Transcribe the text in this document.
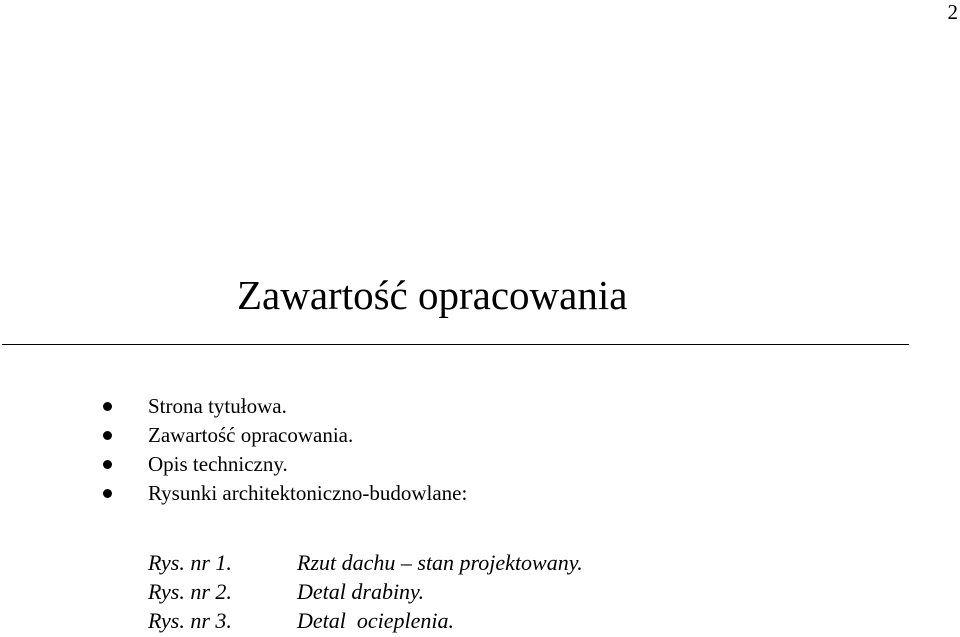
2
Zawartość opracowania
Strona tytułowa.
Zawartość opracowania.
Opis techniczny.
Rysunki architektoniczno-budowlane:
Rys. nr 1.	Rzut dachu – stan projektowany.
Rys. nr 2.	Detal drabiny.
Rys. nr 3.	Detal  ocieplenia.
